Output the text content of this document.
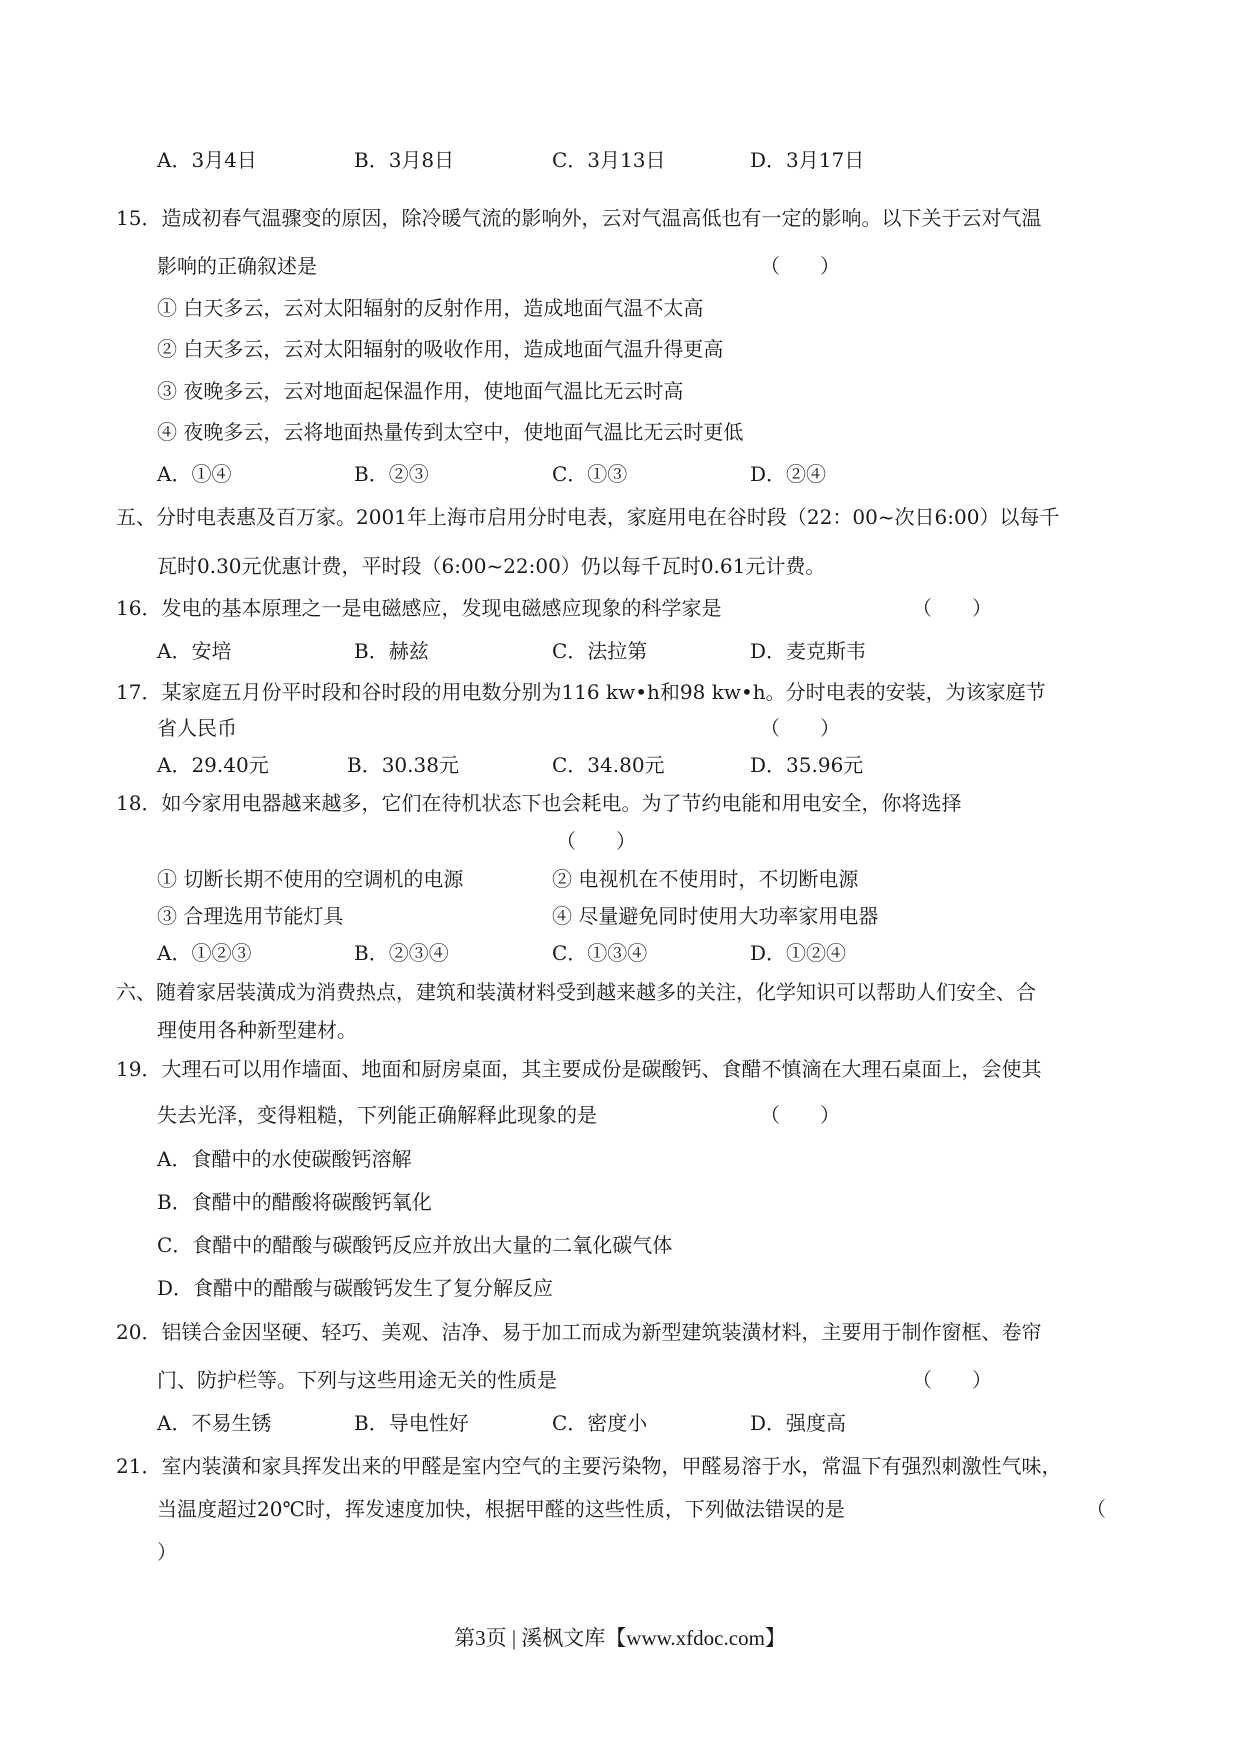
A．3月4日	B．3月8日	C．3月13日	D．3月17日
15．造成初春气温骤变的原因，除冷暖气流的影响外，云对气温高低也有一定的影响。以下关于云对气温
影响的正确叙述是	（　　）
① 白天多云，云对太阳辐射的反射作用，造成地面气温不太高
② 白天多云，云对太阳辐射的吸收作用，造成地面气温升得更高
③ 夜晚多云，云对地面起保温作用，使地面气温比无云时高
④ 夜晚多云，云将地面热量传到太空中，使地面气温比无云时更低
A．①④	B．②③	C．①③	D．②④
五、分时电表惠及百万家。2001年上海市启用分时电表，家庭用电在谷时段（22：00~次日6:00）以每千
瓦时0.30元优惠计费，平时段（6:00~22:00）仍以每千瓦时0.61元计费。
16．发电的基本原理之一是电磁感应，发现电磁感应现象的科学家是	（　　）
A．安培	B．赫兹	C．法拉第	D．麦克斯韦
17．某家庭五月份平时段和谷时段的用电数分别为116 kw•h和98 kw•h。分时电表的安装，为该家庭节
省人民币	（　　）
A．29.40元	B．30.38元	C．34.80元	D．35.96元
18．如今家用电器越来越多，它们在待机状态下也会耗电。为了节约电能和用电安全，你将选择
（　　）
① 切断长期不使用的空调机的电源	② 电视机在不使用时，不切断电源
③ 合理选用节能灯具	④ 尽量避免同时使用大功率家用电器
A．①②③	B．②③④	C．①③④	D．①②④
六、随着家居装潢成为消费热点，建筑和装潢材料受到越来越多的关注，化学知识可以帮助人们安全、合
理使用各种新型建材。
19．大理石可以用作墙面、地面和厨房桌面，其主要成份是碳酸钙、食醋不慎滴在大理石桌面上，会使其
失去光泽，变得粗糙，下列能正确解释此现象的是	（　　）
A．食醋中的水使碳酸钙溶解
B．食醋中的醋酸将碳酸钙氧化
C．食醋中的醋酸与碳酸钙反应并放出大量的二氧化碳气体
D．食醋中的醋酸与碳酸钙发生了复分解反应
20．铝镁合金因坚硬、轻巧、美观、洁净、易于加工而成为新型建筑装潢材料，主要用于制作窗框、卷帘
门、防护栏等。下列与这些用途无关的性质是	（　　）
A．不易生锈	B．导电性好	C．密度小	D．强度高
21．室内装潢和家具挥发出来的甲醛是室内空气的主要污染物，甲醛易溶于水，常温下有强烈刺激性气味，
当温度超过20℃时，挥发速度加快，根据甲醛的这些性质，下列做法错误的是	（
）
第3页 | 溪枫文库【www.xfdoc.com】
